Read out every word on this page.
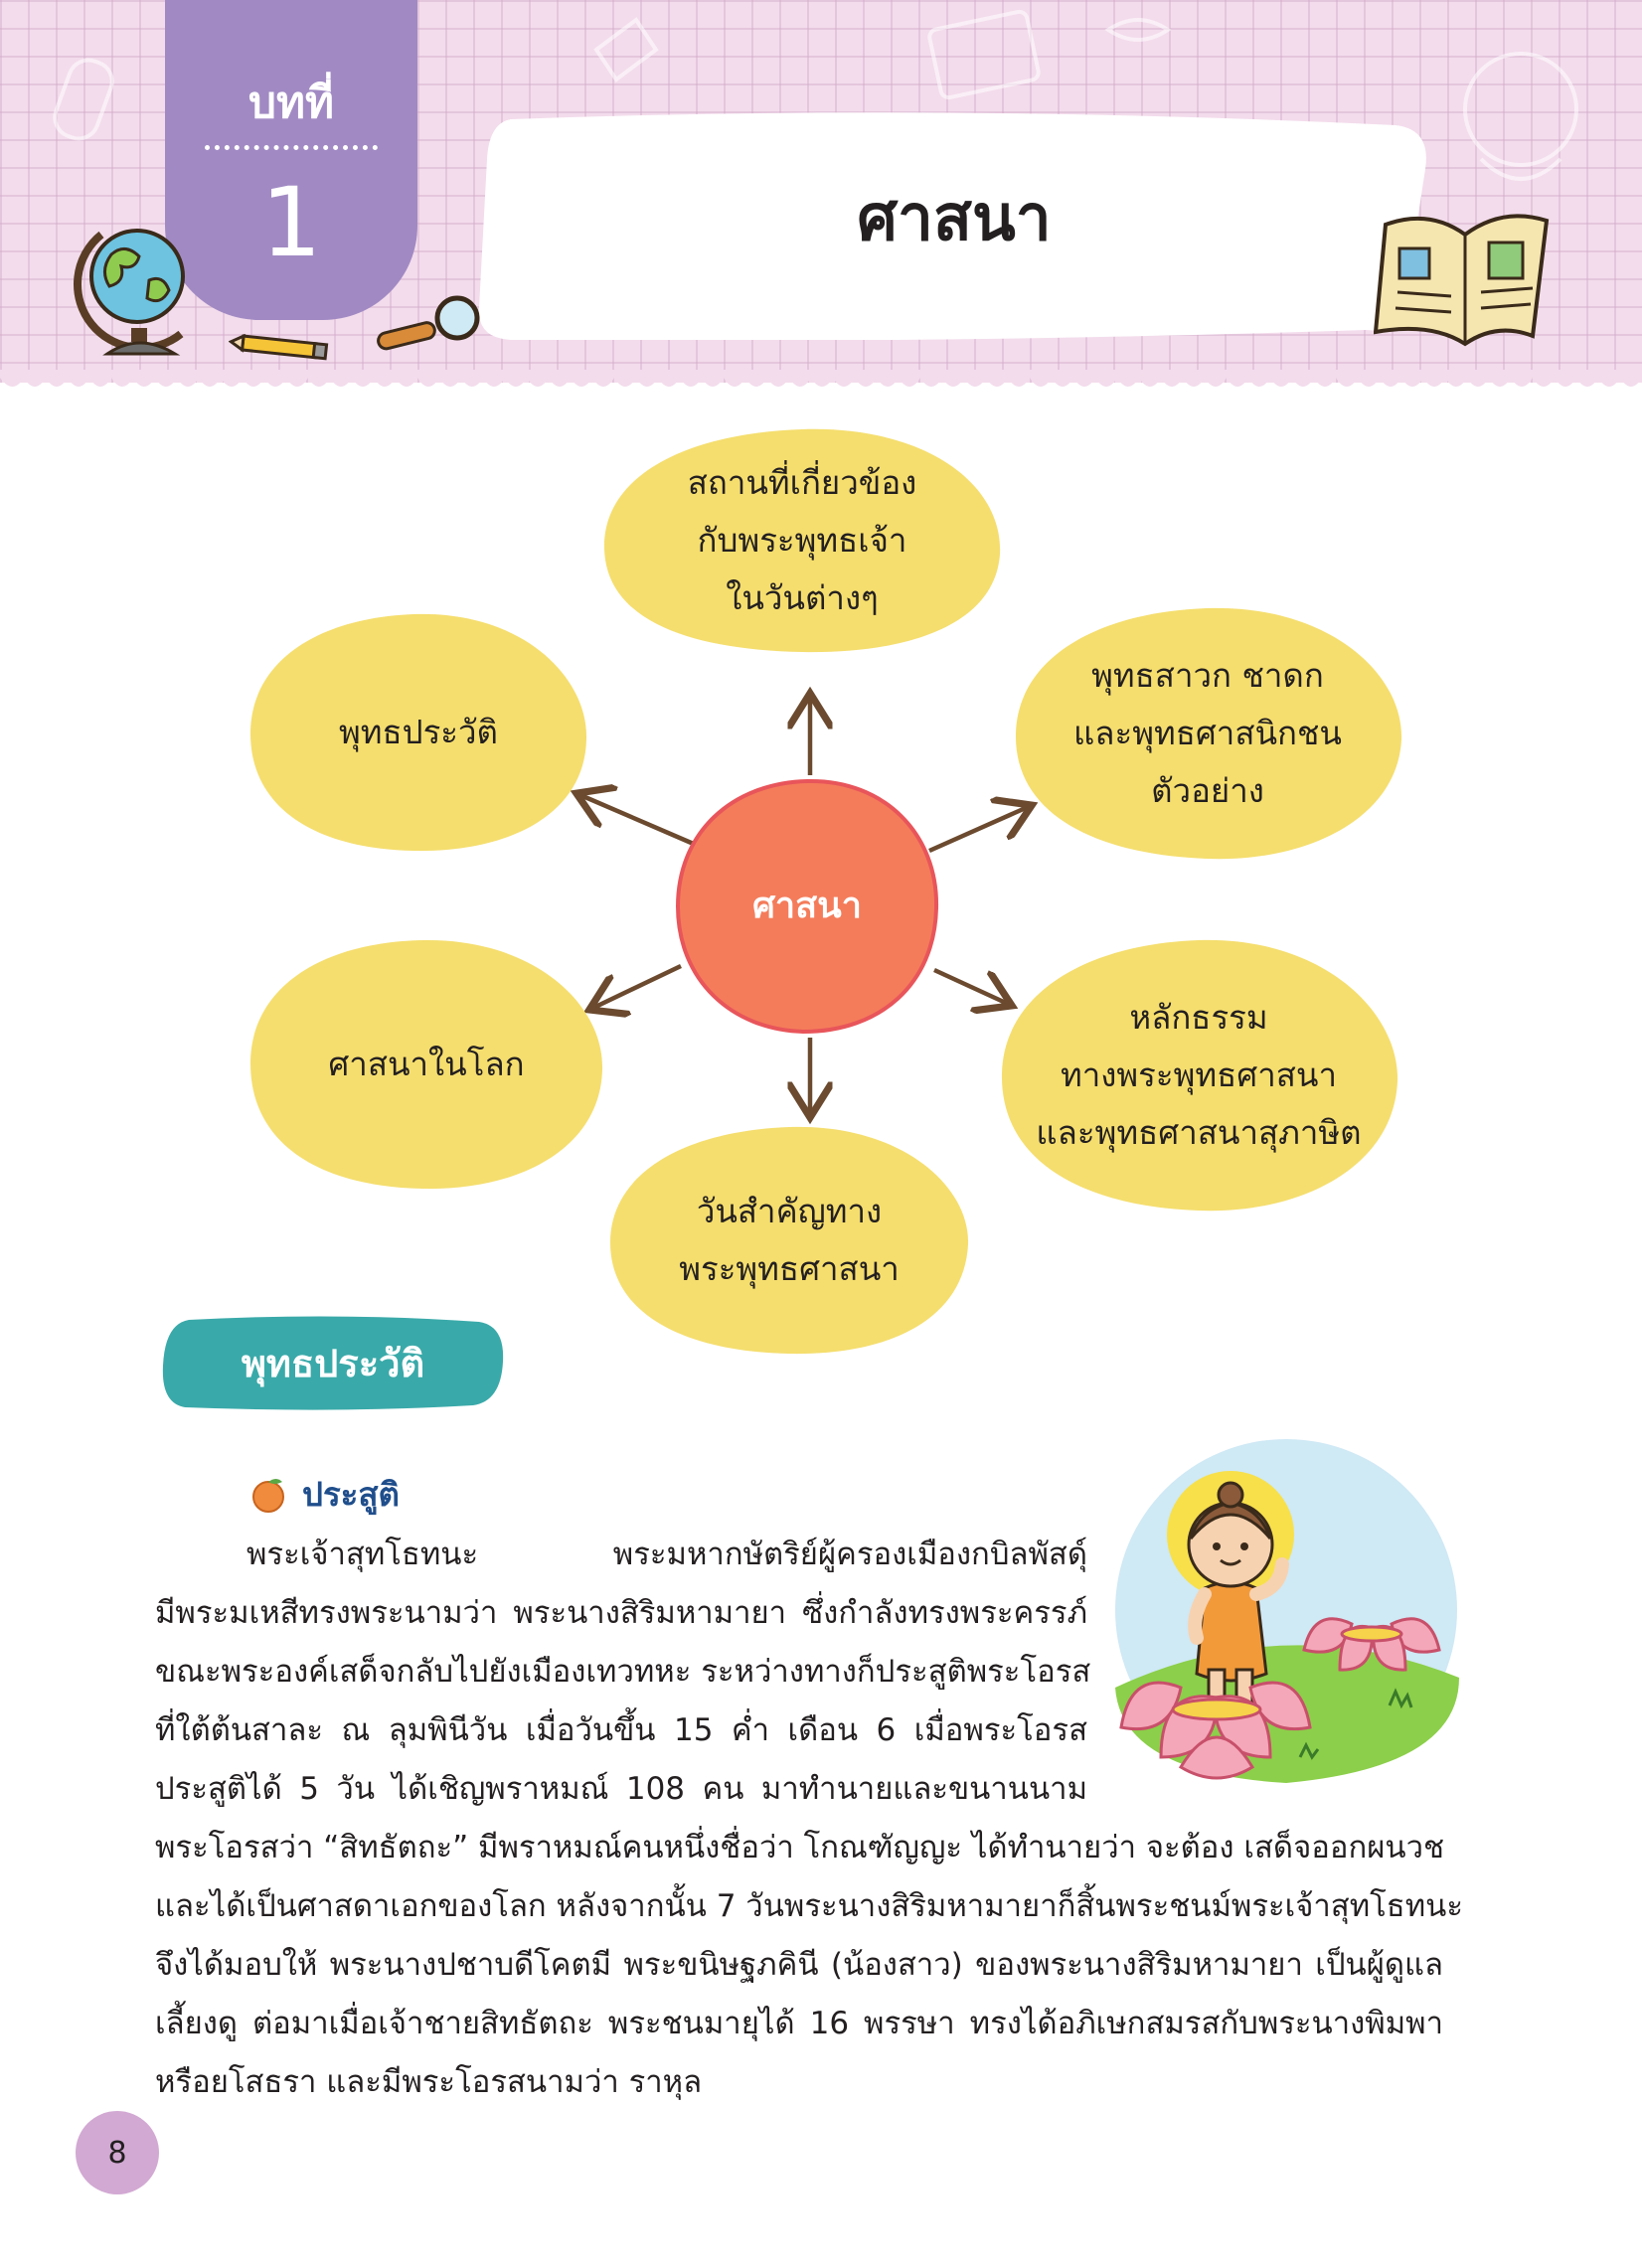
บทที่
1	ศาสนา
สถานที่เกี่ยวข้อง
กับพระพุทธเจ้า
ในวันต่างๆ
พุทธประวัติ
พุทธสาวก ชาดก
และพุทธศาสนิกชน
ตัวอย่าง
ศาสนา
ศาสนาในโลก
หลักธรรม
ทางพระพุทธศาสนา
และพุทธศาสนาสุภาษิต
วันสำคัญทาง
พระพุทธศาสนา
พุทธประวัติ
ประสูติ
พระเจ้าสุทโธทนะ พระมหากษัตริย์ผู้ครองเมืองกบิลพัสดุ์
มีพระมเหสีทรงพระนามว่า พระนางสิริมหามายา ซึ่งกำลังทรงพระครรภ์
ขณะพระองค์เสด็จกลับไปยังเมืองเทวทหะ ระหว่างทางก็ประสูติพระโอรส
ที่ใต้ต้นสาละ ณ ลุมพินีวัน เมื่อวันขึ้น 15 ค่ำ เดือน 6 เมื่อพระโอรส
ประสูติได้ 5 วัน ได้เชิญพราหมณ์ 108 คน มาทำนายและขนานนาม
พระโอรสว่า “สิทธัตถะ” มีพราหมณ์คนหนึ่งชื่อว่า โกณฑัญญะ ได้ทำนายว่า จะต้อง เสด็จออกผนวช
และได้เป็นศาสดาเอกของโลก หลังจากนั้น 7 วันพระนางสิริมหามายาก็สิ้นพระชนม์พระเจ้าสุทโธทนะ
จึงได้มอบให้ พระนางปชาบดีโคตมี พระขนิษฐภคินี (น้องสาว) ของพระนางสิริมหามายา เป็นผู้ดูแล
เลี้ยงดู ต่อมาเมื่อเจ้าชายสิทธัตถะ พระชนมายุได้ 16 พรรษา ทรงได้อภิเษกสมรสกับพระนางพิมพา
หรือยโสธรา และมีพระโอรสนามว่า ราหุล
8
